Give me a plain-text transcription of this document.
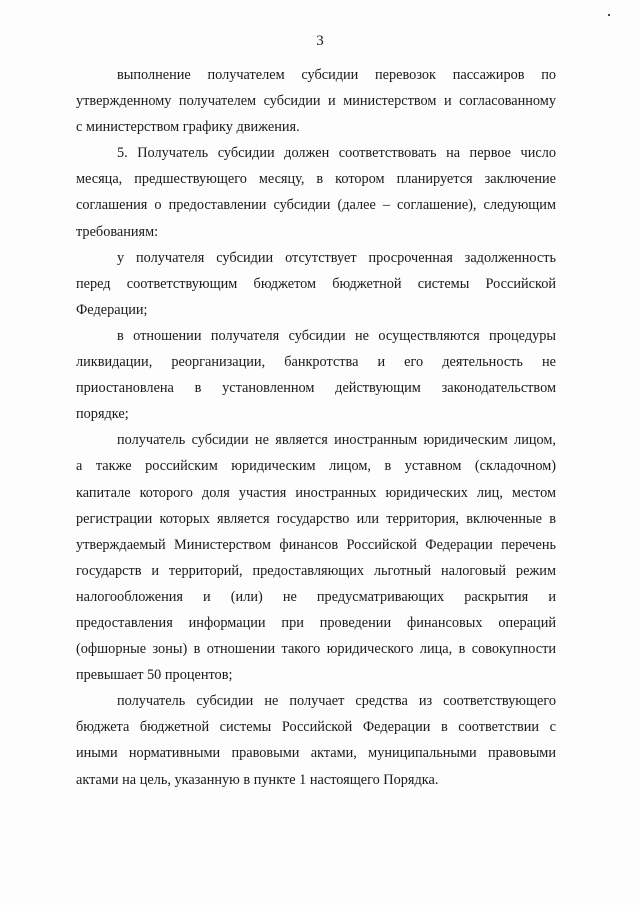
3
выполнение получателем субсидии перевозок пассажиров по
утвержденному получателем субсидии и министерством и согласованному
с министерством графику движения.
5. Получатель субсидии должен соответствовать на первое число
месяца, предшествующего месяцу, в котором планируется заключение
соглашения о предоставлении субсидии (далее – соглашение), следующим
требованиям:
у получателя субсидии отсутствует просроченная задолженность
перед соответствующим бюджетом бюджетной системы Российской
Федерации;
в отношении получателя субсидии не осуществляются процедуры
ликвидации, реорганизации, банкротства и его деятельность не
приостановлена в установленном действующим законодательством
порядке;
получатель субсидии не является иностранным юридическим лицом,
а также российским юридическим лицом, в уставном (складочном)
капитале которого доля участия иностранных юридических лиц, местом
регистрации которых является государство или территория, включенные в
утверждаемый Министерством финансов Российской Федерации перечень
государств и территорий, предоставляющих льготный налоговый режим
налогообложения и (или) не предусматривающих раскрытия и
предоставления информации при проведении финансовых операций
(офшорные зоны) в отношении такого юридического лица, в совокупности
превышает 50 процентов;
получатель субсидии не получает средства из соответствующего
бюджета бюджетной системы Российской Федерации в соответствии с
иными нормативными правовыми актами, муниципальными правовыми
актами на цель, указанную в пункте 1 настоящего Порядка.
